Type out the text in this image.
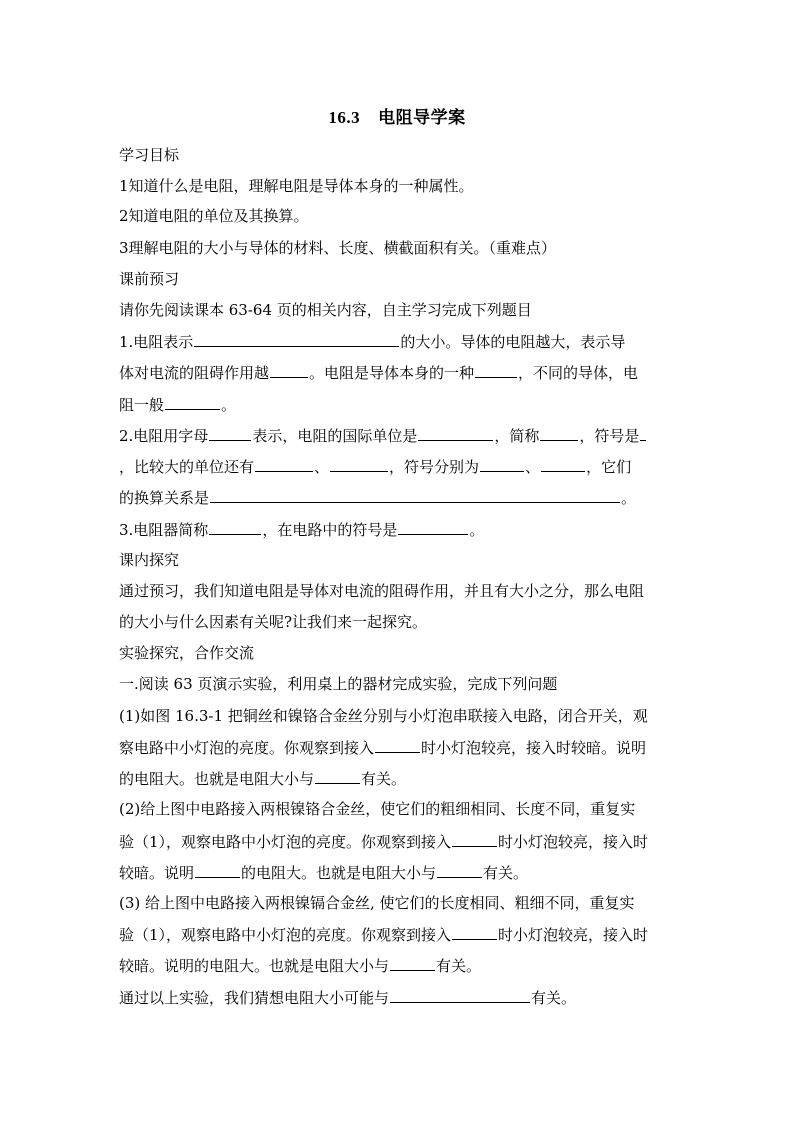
16.3 电阻导学案
学习目标
1知道什么是电阻，理解电阻是导体本身的一种属性。
2知道电阻的单位及其换算。
3理解电阻的大小与导体的材料、长度、横截面积有关。（重难点）
课前预习
请你先阅读课本 63-64 页的相关内容，自主学习完成下列题目
1.电阻表示	的大小。导体的电阻越大，表示导
体对电流的阻碍作用越	。电阻是导体本身的一种	，不同的导体，电
阻一般	。
2.电阻用字母	表示，电阻的国际单位是	，简称	，符号是
，比较大的单位还有	、	，符号分别为	、	，它们
的换算关系是	。
3.电阻器简称	，在电路中的符号是	。
课内探究
通过预习，我们知道电阻是导体对电流的阻碍作用，并且有大小之分，那么电阻
的大小与什么因素有关呢?让我们来一起探究。
实验探究，合作交流
一.阅读 63 页演示实验，利用桌上的器材完成实验，完成下列问题
(1)如图 16.3-1 把铜丝和镍铬合金丝分别与小灯泡串联接入电路，闭合开关，观
察电路中小灯泡的亮度。你观察到接入	时小灯泡较亮，接入时较暗。说明
的电阻大。也就是电阻大小与	有关。
(2)给上图中电路接入两根镍铬合金丝，使它们的粗细相同、长度不同，重复实
验（1），观察电路中小灯泡的亮度。你观察到接入	时小灯泡较亮，接入时
较暗。说明	的电阻大。也就是电阻大小与	有关。
(3) 给上图中电路接入两根镍镉合金丝, 使它们的长度相同、粗细不同，重复实
验（1），观察电路中小灯泡的亮度。你观察到接入	时小灯泡较亮，接入时
较暗。说明的电阻大。也就是电阻大小与	有关。
通过以上实验，我们猜想电阻大小可能与	有关。
